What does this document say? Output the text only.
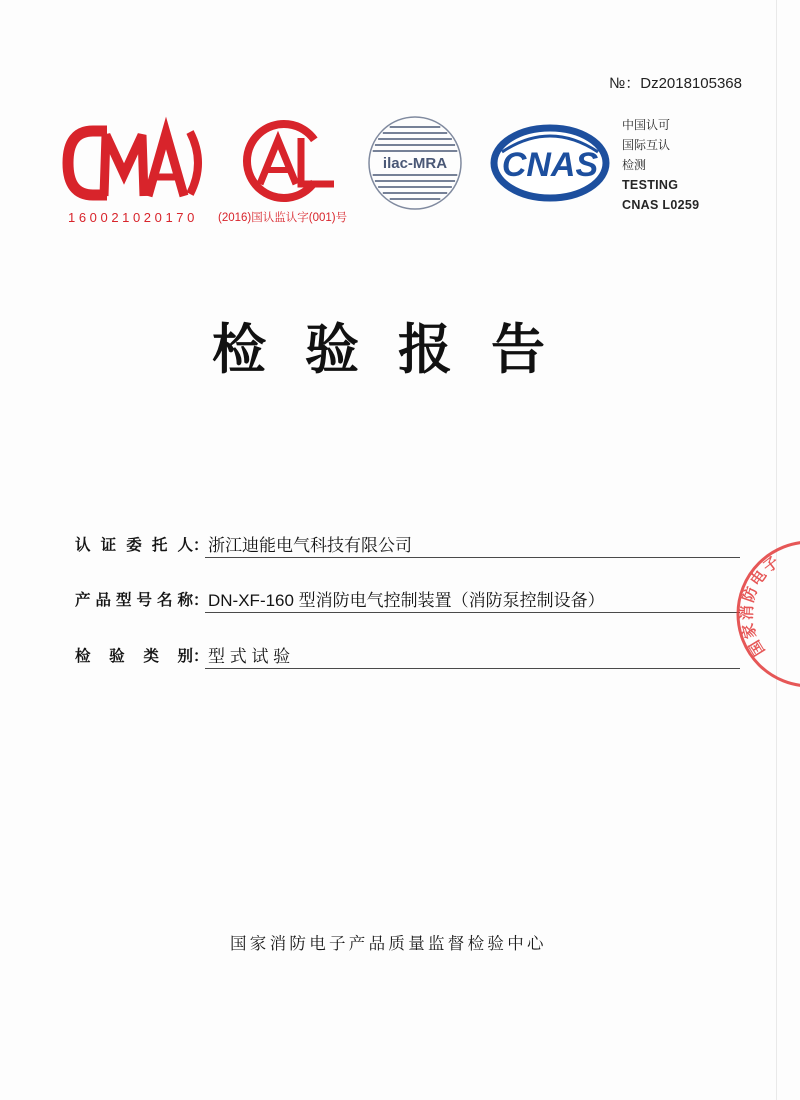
№：Dz2018105368
160021020170 (2016)国认监认字(001)号
ilac-MRA CNAS
中国认可
国际互认
检测
TESTING
CNAS L0259
检 验 报 告
认 证 委 托 人 ： 浙江迪能电气科技有限公司
产品型号名称 ： DN-XF-160 型消防电气控制装置（消防泵控制设备）
检 验 类 别 ： 型 式 试 验
国家消防电子产品质量监督检验中心
国家消防电子
